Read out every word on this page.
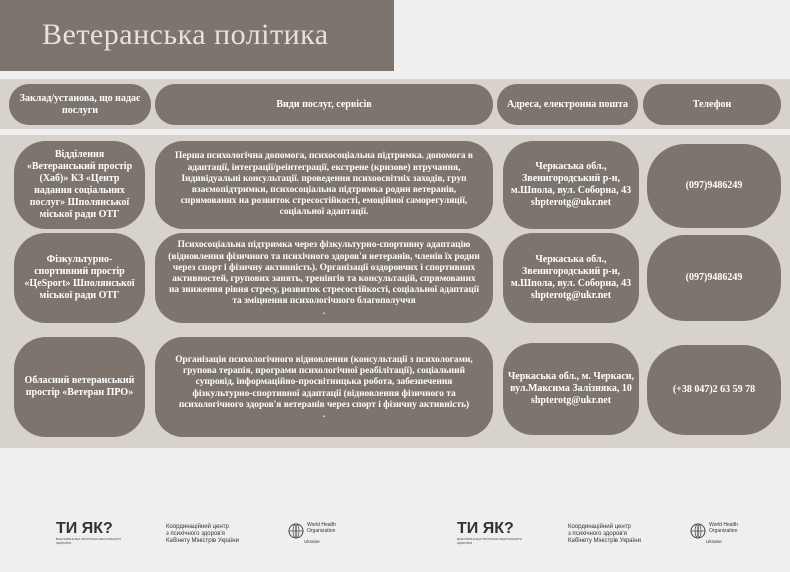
Ветеранська політика
Заклад/установа, що надає послуги
Види послуг, сервісів	Адреса, електронна пошта	Телефон
Відділення «Ветеранський простір (Хаб)» КЗ «Центр надання соціальних послуг» Шполянської міської ради ОТГ
Перша психологічна допомога, психосоціальна підтримка. допомога в адаптації, інтеграції/реінтеграції, екстрене (кризове) втручання, Індивідуальні консультації. проведення психоосвітніх заходів, груп взаємопідтримки, психосоціальна підтримка родин ветеранів, спрямованих на розвиток стресостійкості, емоційної саморегуляції, соціальної адаптації.
Черкаська обл., Звенигородський р-н, м.Шпола, вул. Соборна, 43
shpterotg@ukr.net
(097)9486249
Фізкультурно-спортивний простір «ЦеSport» Шполянської міської ради ОТГ
Психосоціальна підтримка через фізкультурно-спортивну адаптацію (відновлення фізичного та психічного здоров'я ветеранів, членів їх родин через спорт і фізичну активність). Організації оздоровчих і спортивних активностей, групових занять, тренінгів та консультацій, спрямованих на зниження рівня стресу, розвиток стресостійкості, соціальної адаптації та зміцнення психологічного благополуччя
.
Черкаська обл., Звенигородський р-н, м.Шпола, вул. Соборна, 43
shpterotg@ukr.net
(097)9486249
Обласний ветеранський простір «Ветеран ПРО»
Організація психологічного відновлення (консультації з психологами, групова терапія, програми психологічної реабілітації), соціальний супровід, інформаційно-просвітницька робота, забезпечення фізкультурно-спортивної адаптації (відновлення фізичного та психологічного здоров'я ветеранів через спорт і фізичну активність)
.
Черкаська обл., м. Черкаси, вул.Максима Залізняка, 10
shpterotg@ukr.net
(+38 047)2 63 59 78
ТИ ЯК?
ВСЕУКРАЇНСЬКА ПРОГРАМА МЕНТАЛЬНОГО ЗДОРОВ'Я
Координаційний центр
з психічного здоров'я
Кабінету Міністрів України
World Health
Organization
Ukraine
ТИ ЯК?
ВСЕУКРАЇНСЬКА ПРОГРАМА МЕНТАЛЬНОГО ЗДОРОВ'Я
Координаційний центр
з психічного здоров'я
Кабінету Міністрів України
World Health
Organization
Ukraine
